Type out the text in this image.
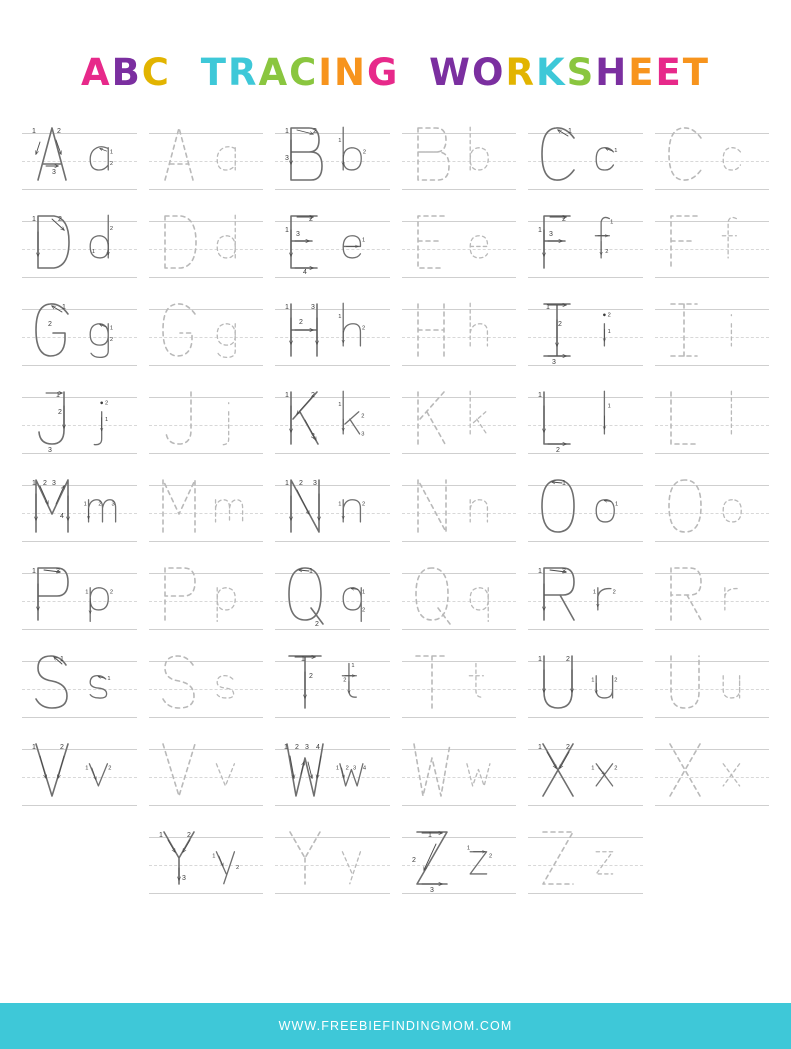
ABC TRACING WORKSHEET
1	2
3
1
2
1	2
3
1
2
1
1
1	2
2
1
2
3
4
1
1
2
3
1
1
2
1
2
1
2
1	3
2
1
2
1
2
3
2
1
1
2
3
2
1
1	2
3
1
2
3
1
2
1
1 2 3
4
1 2 3
1 2 3
1	2
1
1
1	2
1	2
1
2
1
2
1	2
1 2
1
1
1
2
1
2
1	2
1	2
1	2
1	2
1 2 3 4
1 2 3 4
1	2
1	2
1	2
3
1
2
1
2
3
1
2
WWW.FREEBIEFINDINGMOM.COM
